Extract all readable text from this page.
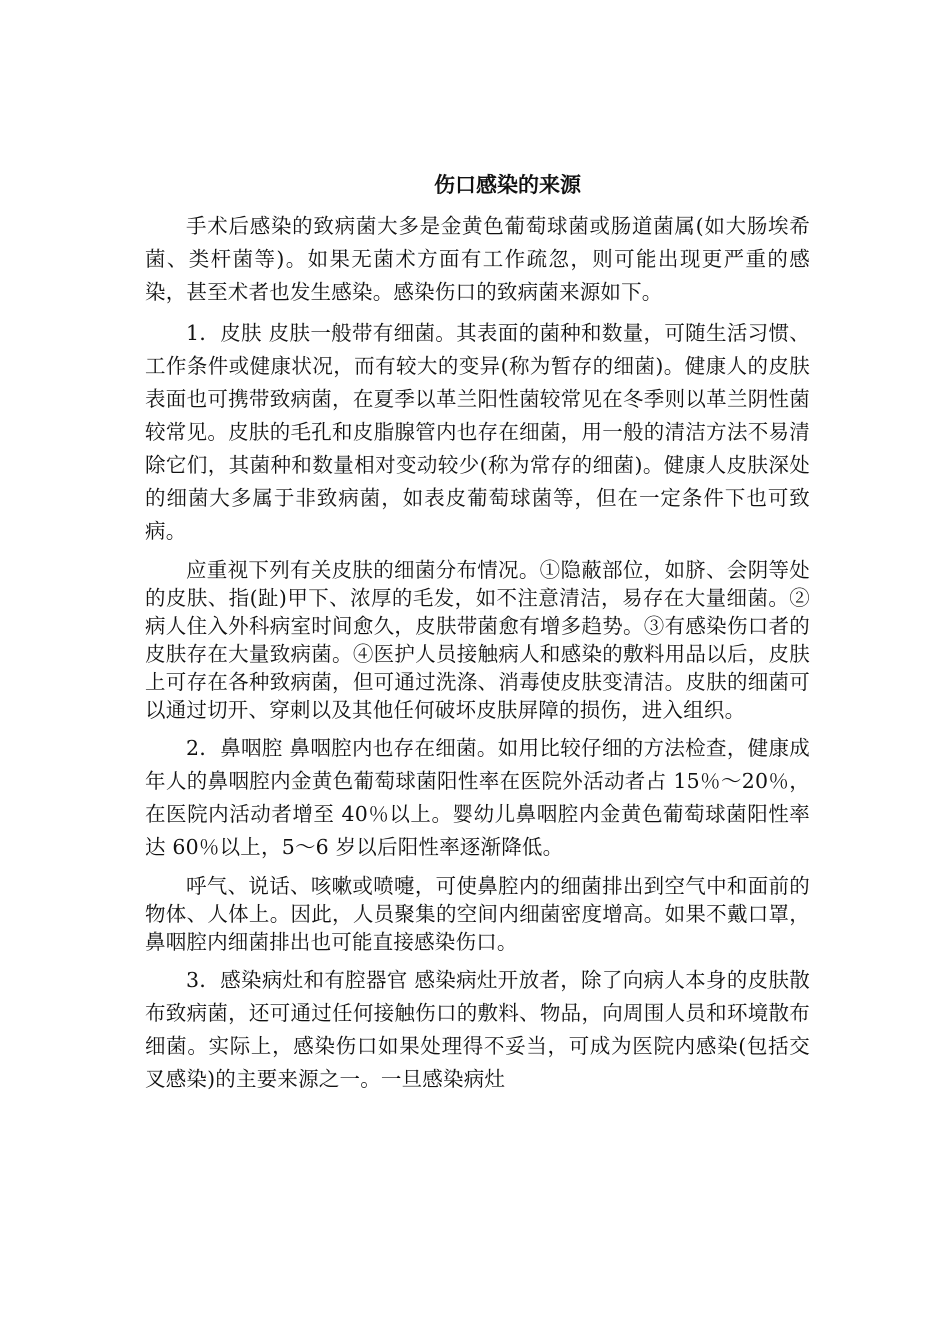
伤口感染的来源

手术后感染的致病菌大多是金黄色葡萄球菌或肠道菌属(如大肠埃希菌、类杆菌等)。如果无菌术方面有工作疏忽，则可能出现更严重的感染，甚至术者也发生感染。感染伤口的致病菌来源如下。

1．皮肤 皮肤一般带有细菌。其表面的菌种和数量，可随生活习惯、工作条件或健康状况，而有较大的变异(称为暂存的细菌)。健康人的皮肤表面也可携带致病菌，在夏季以革兰阳性菌较常见在冬季则以革兰阴性菌较常见。皮肤的毛孔和皮脂腺管内也存在细菌，用一般的清洁方法不易清除它们，其菌种和数量相对变动较少(称为常存的细菌)。健康人皮肤深处的细菌大多属于非致病菌，如表皮葡萄球菌等，但在一定条件下也可致病。

应重视下列有关皮肤的细菌分布情况。①隐蔽部位，如脐、会阴等处的皮肤、指(趾)甲下、浓厚的毛发，如不注意清洁，易存在大量细菌。②病人住入外科病室时间愈久，皮肤带菌愈有增多趋势。③有感染伤口者的皮肤存在大量致病菌。④医护人员接触病人和感染的敷料用品以后，皮肤上可存在各种致病菌，但可通过洗涤、消毒使皮肤变清洁。皮肤的细菌可以通过切开、穿刺以及其他任何破坏皮肤屏障的损伤，进入组织。

2．鼻咽腔 鼻咽腔内也存在细菌。如用比较仔细的方法检查，健康成年人的鼻咽腔内金黄色葡萄球菌阳性率在医院外活动者占 15％～20％，在医院内活动者增至 40％以上。婴幼儿鼻咽腔内金黄色葡萄球菌阳性率达 60％以上，5～6 岁以后阳性率逐渐降低。

呼气、说话、咳嗽或喷嚏，可使鼻腔内的细菌排出到空气中和面前的物体、人体上。因此，人员聚集的空间内细菌密度增高。如果不戴口罩，鼻咽腔内细菌排出也可能直接感染伤口。

3．感染病灶和有腔器官 感染病灶开放者，除了向病人本身的皮肤散布致病菌，还可通过任何接触伤口的敷料、物品，向周围人员和环境散布细菌。实际上，感染伤口如果处理得不妥当，可成为医院内感染(包括交叉感染)的主要来源之一。一旦感染病灶
